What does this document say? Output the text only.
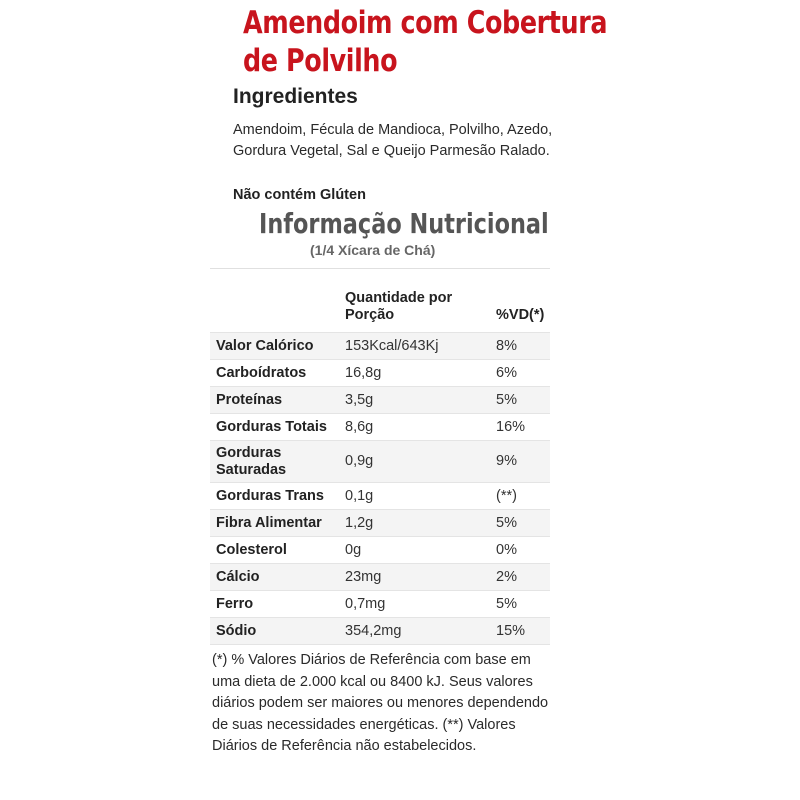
Amendoim com Cobertura
de Polvilho
Ingredientes
Amendoim, Fécula de Mandioca, Polvilho, Azedo, Gordura Vegetal, Sal e Queijo Parmesão Ralado.
Não contém Glúten
Informação Nutricional
(1/4 Xícara de Chá)
	Quantidade por Porção	%VD(*)
Valor Calórico	153Kcal/643Kj	8%
Carboídratos	16,8g	6%
Proteínas	3,5g	5%
Gorduras Totais	8,6g	16%
Gorduras Saturadas	0,9g	9%
Gorduras Trans	0,1g	(**)
Fibra Alimentar	1,2g	5%
Colesterol	0g	0%
Cálcio	23mg	2%
Ferro	0,7mg	5%
Sódio	354,2mg	15%
(*) % Valores Diários de Referência com base em uma dieta de 2.000 kcal ou 8400 kJ. Seus valores diários podem ser maiores ou menores dependendo de suas necessidades energéticas. (**) Valores Diários de Referência não estabelecidos.
